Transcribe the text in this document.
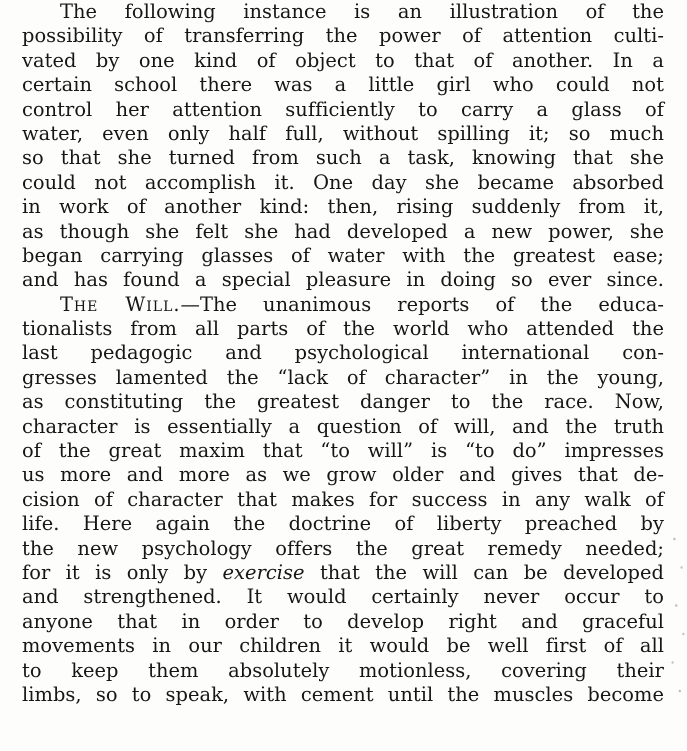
The following instance is an illustration of the
possibility of transferring the power of attention culti-
vated by one kind of object to that of another. In a
certain school there was a little girl who could not
control her attention sufficiently to carry a glass of
water, even only half full, without spilling it; so much
so that she turned from such a task, knowing that she
could not accomplish it. One day she became absorbed
in work of another kind: then, rising suddenly from it,
as though she felt she had developed a new power, she
began carrying glasses of water with the greatest ease;
and has found a special pleasure in doing so ever since.
The Will.—The unanimous reports of the educa-
tionalists from all parts of the world who attended the
last pedagogic and psychological international con-
gresses lamented the “lack of character” in the young,
as constituting the greatest danger to the race. Now,
character is essentially a question of will, and the truth
of the great maxim that “to will” is “to do” impresses
us more and more as we grow older and gives that de-
cision of character that makes for success in any walk of
life. Here again the doctrine of liberty preached by
the new psychology offers the great remedy needed;
for it is only by exercise that the will can be developed
and strengthened. It would certainly never occur to
anyone that in order to develop right and graceful
movements in our children it would be well first of all
to keep them absolutely motionless, covering their
limbs, so to speak, with cement until the muscles become
